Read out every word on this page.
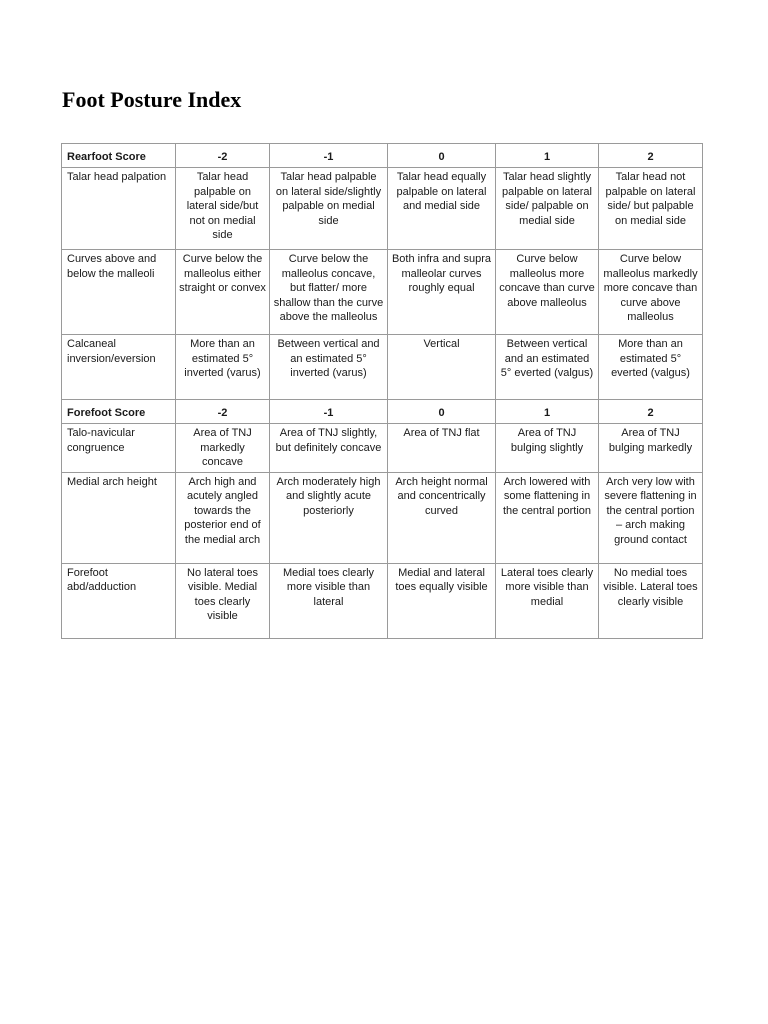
Foot Posture Index
Rearfoot Score	-2	-1	0	1	2
Talar head palpation	Talar head palpable on lateral side/but not on medial side	Talar head palpable on lateral side/slightly palpable on medial side	Talar head equally palpable on lateral and medial side	Talar head slightly palpable on lateral side/ palpable on medial side	Talar head not palpable on lateral side/ but palpable on medial side
Curves above and below the malleoli	Curve below the malleolus either straight or convex	Curve below the malleolus concave, but flatter/ more shallow than the curve above the malleolus	Both infra and supra malleolar curves roughly equal	Curve below malleolus more concave than curve above malleolus	Curve below malleolus markedly more concave than curve above malleolus
Calcaneal inversion/eversion	More than an estimated 5° inverted (varus)	Between vertical and an estimated 5° inverted (varus)	Vertical	Between vertical and an estimated 5° everted (valgus)	More than an estimated 5° everted (valgus)
Forefoot Score	-2	-1	0	1	2
Talo-navicular congruence	Area of TNJ markedly concave	Area of TNJ slightly, but definitely concave	Area of TNJ flat	Area of TNJ bulging slightly	Area of TNJ bulging markedly
Medial arch height	Arch high and acutely angled towards the posterior end of the medial arch	Arch moderately high and slightly acute posteriorly	Arch height normal and concentrically curved	Arch lowered with some flattening in the central portion	Arch very low with severe flattening in the central portion – arch making ground contact
Forefoot abd/adduction	No lateral toes visible. Medial toes clearly visible	Medial toes clearly more visible than lateral	Medial and lateral toes equally visible	Lateral toes clearly more visible than medial	No medial toes visible. Lateral toes clearly visible
